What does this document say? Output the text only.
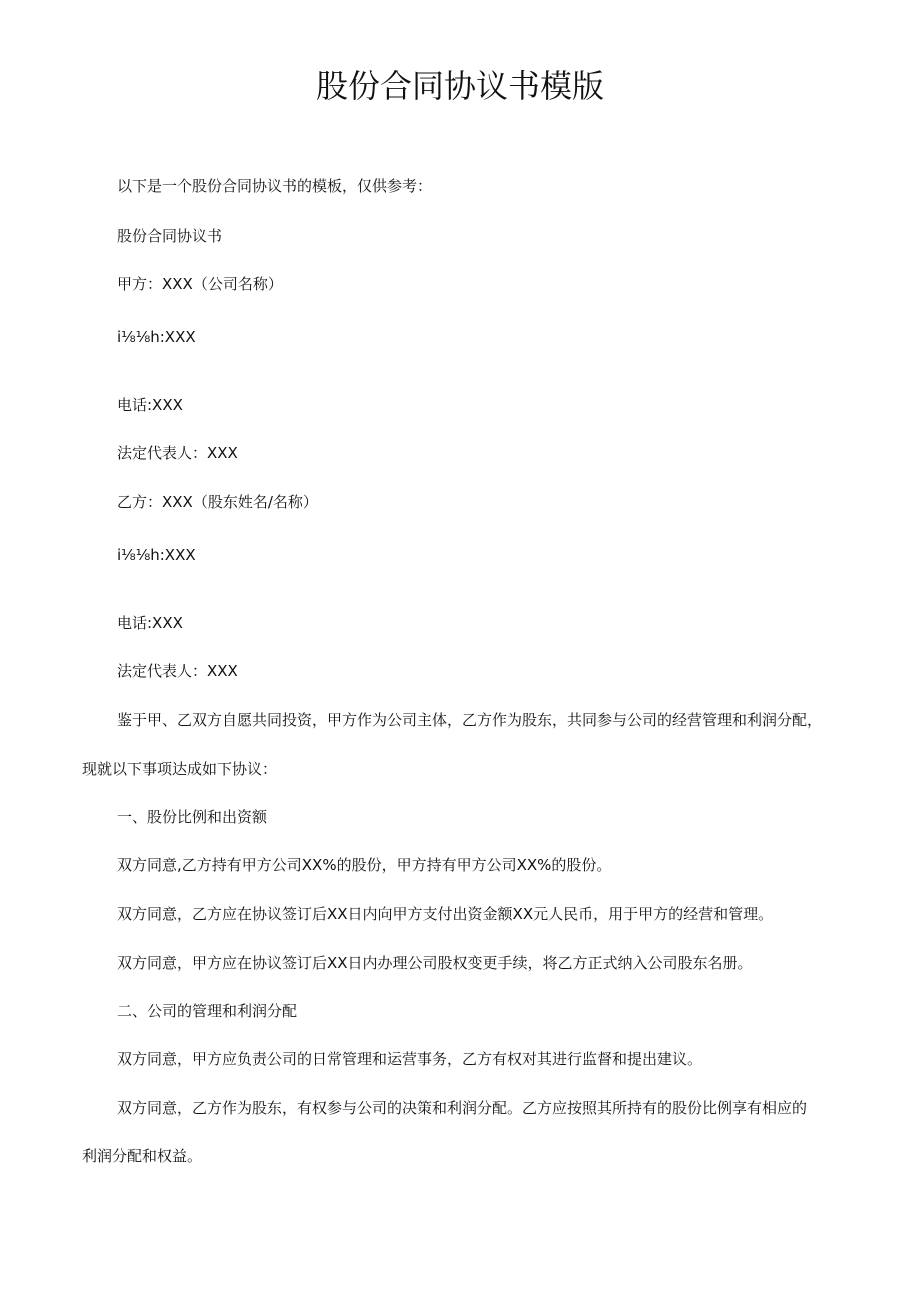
股份合同协议书模版

以下是一个股份合同协议书的模板，仅供参考：

股份合同协议书

甲方：XXX（公司名称）

i⅛⅛h:XXX

电话:XXX

法定代表人：XXX

乙方：XXX（股东姓名/名称）

i⅛⅛h:XXX

电话:XXX

法定代表人：XXX

鉴于甲、乙双方自愿共同投资，甲方作为公司主体，乙方作为股东，共同参与公司的经营管理和利润分配，

现就以下事项达成如下协议：

一、股份比例和出资额

双方同意,乙方持有甲方公司XX%的股份，甲方持有甲方公司XX%的股份。

双方同意，乙方应在协议签订后XX日内向甲方支付出资金额XX元人民币，用于甲方的经营和管理。

双方同意，甲方应在协议签订后XX日内办理公司股权变更手续，将乙方正式纳入公司股东名册。

二、公司的管理和利润分配

双方同意，甲方应负责公司的日常管理和运营事务，乙方有权对其进行监督和提出建议。

双方同意，乙方作为股东，有权参与公司的决策和利润分配。乙方应按照其所持有的股份比例享有相应的

利润分配和权益。
